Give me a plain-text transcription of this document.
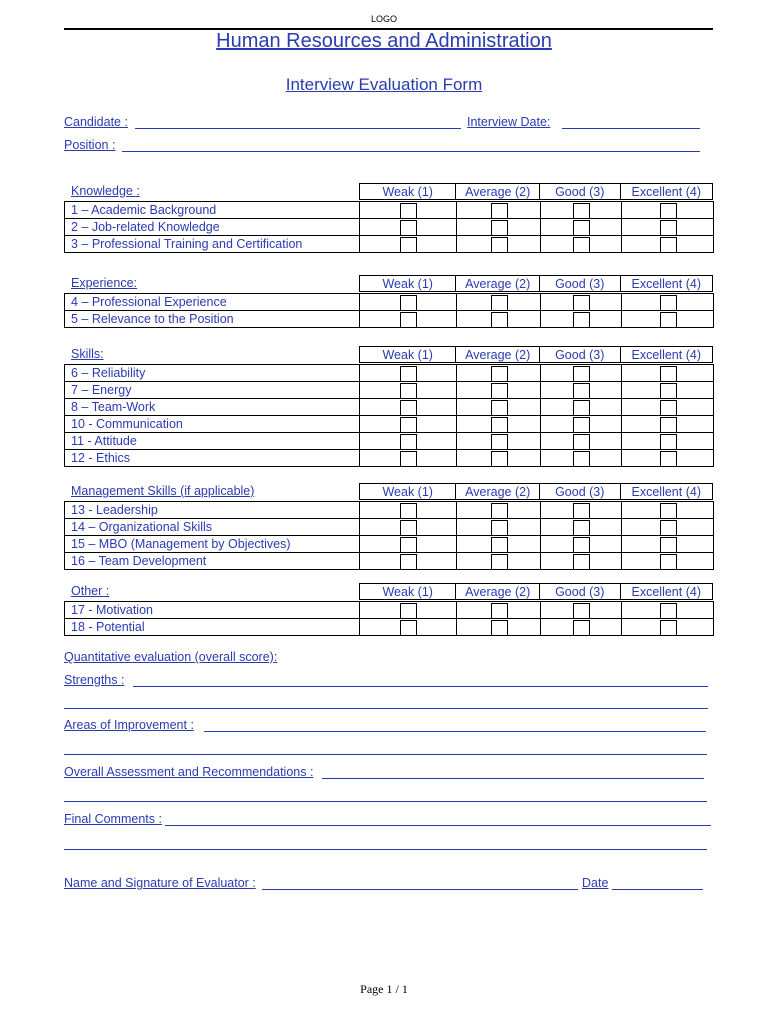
LOGO
Human Resources and Administration
Interview Evaluation Form
Candidate :	Interview Date:
Position :
Knowledge :	Weak (1)	Average (2)	Good (3)	Excellent (4)
1 – Academic Background	

2 – Job-related Knowledge	

3 – Professional Training and Certification	

Experience:	Weak (1)	Average (2)	Good (3)	Excellent (4)
4 – Professional Experience	

5 – Relevance to the Position	

Skills:	Weak (1)	Average (2)	Good (3)	Excellent (4)
6 – Reliability	

7 – Energy	

8 – Team-Work	

10 - Communication	

11 - Attitude	

12 - Ethics	

Management Skills (if applicable)	Weak (1)	Average (2)	Good (3)	Excellent (4)
13 - Leadership	

14 – Organizational Skills	

15 – MBO (Management by Objectives)	

16 – Team Development	

Other :	Weak (1)	Average (2)	Good (3)	Excellent (4)
17 - Motivation	

18 - Potential	

Quantitative evaluation (overall score):
Strengths :
Areas of Improvement :
Overall Assessment and Recommendations :
Final Comments :
Name and Signature of Evaluator :	Date
Page 1 / 1
